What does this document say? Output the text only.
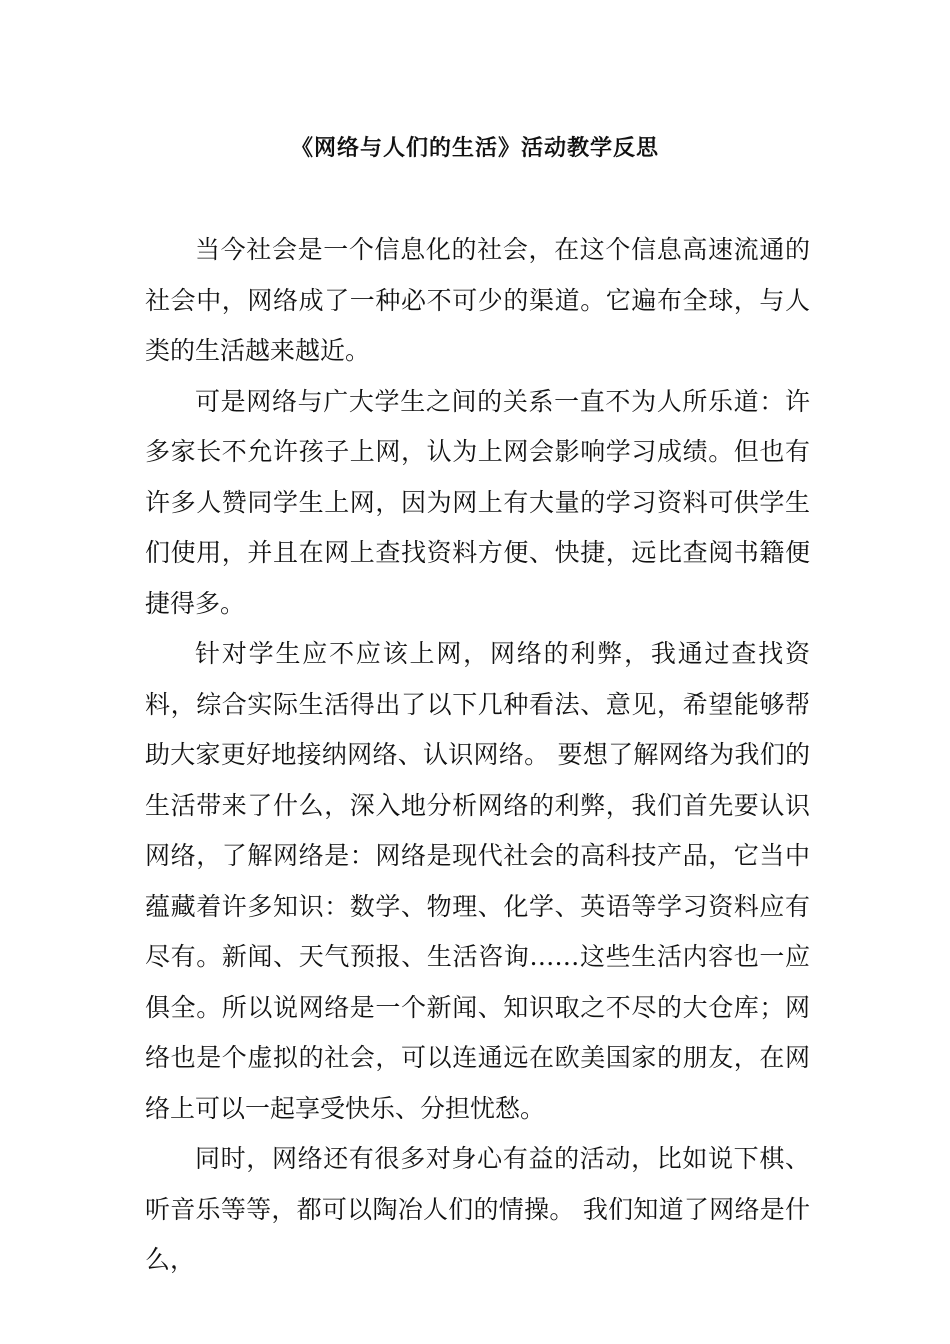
《网络与人们的生活》活动教学反思

当今社会是一个信息化的社会，在这个信息高速流通的社会中，网络成了一种必不可少的渠道。它遍布全球，与人类的生活越来越近。

可是网络与广大学生之间的关系一直不为人所乐道：许多家长不允许孩子上网，认为上网会影响学习成绩。但也有许多人赞同学生上网，因为网上有大量的学习资料可供学生们使用，并且在网上查找资料方便、快捷，远比查阅书籍便捷得多。

针对学生应不应该上网，网络的利弊，我通过查找资料，综合实际生活得出了以下几种看法、意见，希望能够帮助大家更好地接纳网络、认识网络。 要想了解网络为我们的生活带来了什么，深入地分析网络的利弊，我们首先要认识网络，了解网络是：网络是现代社会的高科技产品，它当中蕴藏着许多知识：数学、物理、化学、英语等学习资料应有尽有。新闻、天气预报、生活咨询……这些生活内容也一应俱全。所以说网络是一个新闻、知识取之不尽的大仓库；网络也是个虚拟的社会，可以连通远在欧美国家的朋友，在网络上可以一起享受快乐、分担忧愁。

同时，网络还有很多对身心有益的活动，比如说下棋、听音乐等等，都可以陶冶人们的情操。 我们知道了网络是什么，
